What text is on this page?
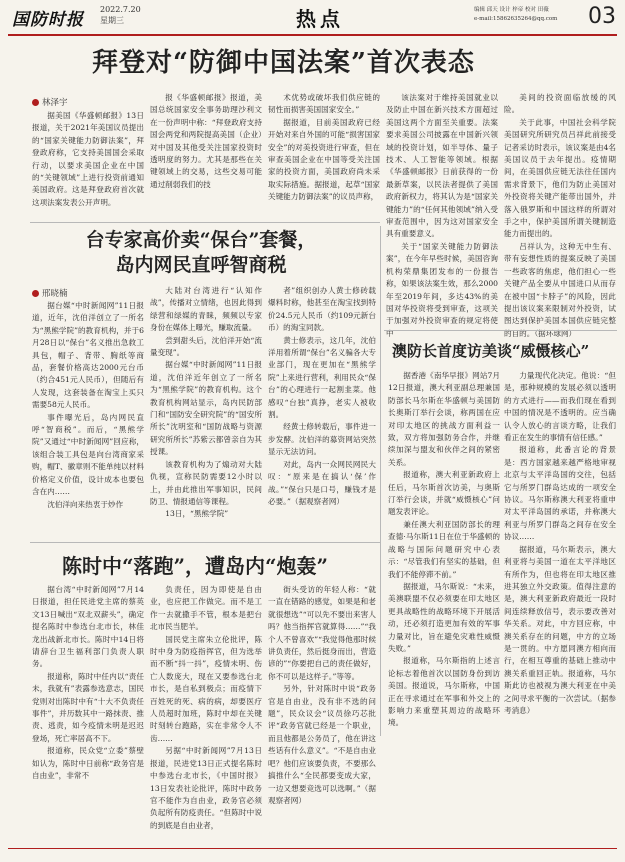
国防时报
2022.7.20
星期三	热点	编辑 邱天 设计 梓帝 校对 田薇
e-mail:15862635264@qq.com 03
拜登对“防御中国法案”首次表态
林泽宇

据美国《华盛顿邮报》13日报道，关于2021年美国议员提出的“国家关键能力防御法案”，拜登政府称，它支持美国国会采取行动，以要求美国企业在中国的“关键领域”上进行投资前通知美国政府。这是拜登政府首次就这项法案发表公开声明。

报《华盛顿邮报》报道，美国总统国家安全事务助理沙利文在一份声明中称：“拜登政府支持国会两党和两院提高美国（企业）对中国及其他受关注国家投资时透明度的努力。尤其是那些在关键领域上的交易，这些交易可能通过削弱我们的技

术优势或破坏我们供应链的韧性而损害美国国家安全。”

据报道，目前美国政府已经开始对来自外国的可能“损害国家安全”的对美投资进行审查，但在审查美国企业在中国等受关注国家的投资方面，美国政府尚未采取实际措施。据报道，起草“国家关键能力防御法案”的议员声称，

该法案对于维持美国就业以及防止中国在新兴技术方面超过美国这两个方面至关重要。法案要求美国公司披露在中国新兴领域的投资计划，如半导体、量子技术、人工智能等领域。根据《华盛顿邮报》日前获得的一份最新草案，以民法者提供了美国政府新权力，将其认为是“国家关键能力”的“任何其他领域”纳入受审查范围中，因为这对国家安全具有重要意义。

关于“国家关键能力防御法案”，在今年早些时候，美国咨询机构荣鼎集团发布的一份报告称，如果该法案生效，那么2000年至2019年间，多达43%的美国对华投资将受到审查，这项关于加强对外投资审查的规定将使中

美间的投资面临放缓的风险。

关于此事，中国社会科学院美国研究所研究员吕祥此前接受记者采访时表示，该议案是由4名美国议员于去年提出。疫情期间，在美国供应链无法往任国内需求背景下，他们为防止美国对外投资将关键产能带出国外，并落入俄罗斯和中国这样的所谓对手之中，保护美国所谓关键制造能力而提出的。

吕祥认为，这种无中生有、带有妄想性质的提案反映了美国一些政客的焦虑，他们担心一些关键产品全要从中国进口从而存在被中国“卡脖子”的风险，因此提出该议案来限制对外投资，试图达到保护美国本国供应链完整的目的。（据环球网）

台专家高价卖“保台”套餐，
岛内网民直呼智商税
邢晓楠

据台媒“中时新闻网”11日报道，近年，沈伯洋创立了一所名为“黑熊学院”的教育机构，并于6月28日以“保台”名义推出急救工具包，帽子、背带、胸纸等商品，套餐价格高达2000元台币（约合451元人民币），但随后有人发现，这套装备在淘宝上买只需要58元人民币。

事件曝光后，岛内网民直呼“智商税”。而后，“黑熊学院”又通过“中时新闻网”回应称，该组合装工具包是向台湾商家采购，帽T、徽章则不能单纯以材料价格定义价值，设计成本也要包含在内……

沈伯洋向来热衷于炒作

大陆对台湾进行“认知作战”，传播对立情绪，也因此得到绿营和绿媒的青睐，频频以专家身份在媒体上曝光，赚取流量。

尝到甜头后，沈伯洋开始“流量变现”。

据台媒“中时新闻网”11日报道，沈伯洋近年创立了一所名为“黑熊学院”的教育机构。这个教育机构网站显示，岛内民防部门和“国防安全研究院”的“国安所所长”沈明室和“国防战略与资源研究所所长”苏紫云都曾亲自为其授课。

该教育机构为了煽动对大陆仇视，宣称民防需要12小时以上，并由此推出军事知识，民间防卫、情报通信等课程。

13日，“黑熊学院”

者”组织创办人黄士修砖载爆料时称，他甚至在淘宝找到特价24.5元人民币（约109元新台币）的淘宝同款。

黄士修表示，这几年，沈伯洋用着所谓“保台”名义骗各大专业部门，现在更加在“黑熊学院”上来进行营利，利用民众“保台”的心理进行一起割韭菜。他感叹“台独”真挣，老实人被收割。

经黄士修转载后，事件进一步发酵。沈伯洋的募资网站突然显示无法访问。

对此，岛内一众网民网民大叹：“原来是在搞认‘保’作战。”“保台只是口号，赚钱才是必要。”（据观察者网）

澳防长首度访美谈“威慑核心”

据香港《南华早报》网站7月12日报道，澳大利亚副总理兼国防部长马尔斯在华盛顿与美国防长奥斯汀举行会谈，称两国在应对印太地区的挑战方面利益一致，双方将加强防务合作，并继续加深与盟友和伙伴之间的紧密关系。

报道称，澳大利亚新政府上任后，马尔斯首次访美，与奥斯汀举行会谈，并就“威慑核心”问题发表评论。

兼任澳大利亚国防部长的理查德·马尔斯11日在位于华盛顿的战略与国际问题研究中心表示：“尽管我们有坚实的基础，但我们不能停滞不前。”

据报道，马尔斯说：“未来，美澳联盟不仅必须要在印太地区更具战略性的战略环境下开展活动，还必须打造更加有效的军事力量对比，旨在避免灾难性威慑失败。”

报道称，马尔斯指的上述言论标志着他首次以国防身份到访美国。报道说，马尔斯称，中国正在寻求通过在军事和外交上的影响力来重塑其周边的战略环境。

力量现代化决定。他说：“但是，那种规模的发展必须以透明的方式进行——而我们现在看到中国的情况是不透明的。应当确认令人放心的言谈方略，让我们看正在发生的事情有信任感。”

报道称，此番言论的背景是：西方国家越来越严格地审视北京与太平洋岛国的交往，包括它与所罗门群岛达成的一项安全协议。马尔斯称澳大利亚将重申对太平洋岛国的承诺，并称澳大利亚与所罗门群岛之间存在安全协议……

据报道，马尔斯表示，澳大利亚将与美国一道在太平洋地区有所作为，但也将在印太地区推进其独立外交政策。值得注意的是，澳大利亚新政府最近一段时间连续释放信号，表示要改善对华关系。对此，中方回应称，中澳关系存在的问题，中方的立场是一贯的。中方愿同澳方相向而行，在相互尊重的基础上推动中澳关系重回正轨。报道称，马尔斯此访也被视为澳大利亚在中美之间寻求平衡的一次尝试。（据参考消息）

陈时中“落跑”，遭岛内“炮轰”

据台湾“中时新闻网”7月14日报道，担任民进党主席的蔡英文13日喊出“双北双薪头”，确定提名陈时中参选台北市长，林佳龙出战新北市长。陈时中14日将请辞台卫生福利部门负责人职务。

报道称，陈时中任内以“责任未，我就有”表露参选意志，国民党则对出陈时中有“十大不负责任事件”，并历数其中一路抹责、推责、逃责，如今疫情未明是迟迟登场，死亡率居高不下。

报道称，民众党“立委”蔡壁如认为，陈时中日前称“政务官是自由业”，非常不

负责任，因为即使是自由业，也应把工作做完。而不是工作一去就撒手不管，根本是把台北市民当肥羊。

国民党主席朱立伦批评，陈时中身为防疫指挥官，但为选举而不断“抖一抖”，疫情未明、伤亡人数庞大，现在又要参选台北市长，是自私到极点；而疫情下百姓死的死、病的病，却要医疗人员超时加班，陈时中却在关键时刻转台跑路，实在非常令人不齿……

另据“中时新闻网”7月13日报道，民进党13日正式提名陈时中参选台北市长，《中国时报》13日发表社论批评，陈时中政务官不能作为自由业，政务官必须负起所有防疫责任。“但陈时中说的到底是自由业者，

街头受访的年轻人称：“就一直在错路的感觉，如果是和老就很想选”“可以先不要出来害人吗？他当指挥官就算得……”“我个人不曾喜欢”“我觉得他那时候讲负责任，然后挺身而出，营造谚的”“你要把自己的责任做好，你不可以是这样子。”等等。

另外，针对陈时中说“政务官是自由业，没有非不选的问题”，民众议会“议员徐巧芯批评“政务官就已经是一个职业，而且他都是公务员了，他在讲这些话有什么意义”。“不是自由业吧？他们应该要负责，不要那么搞推什么“全民都要变成大家，一边又想要竞选可以选啊。”（据观察者网）
